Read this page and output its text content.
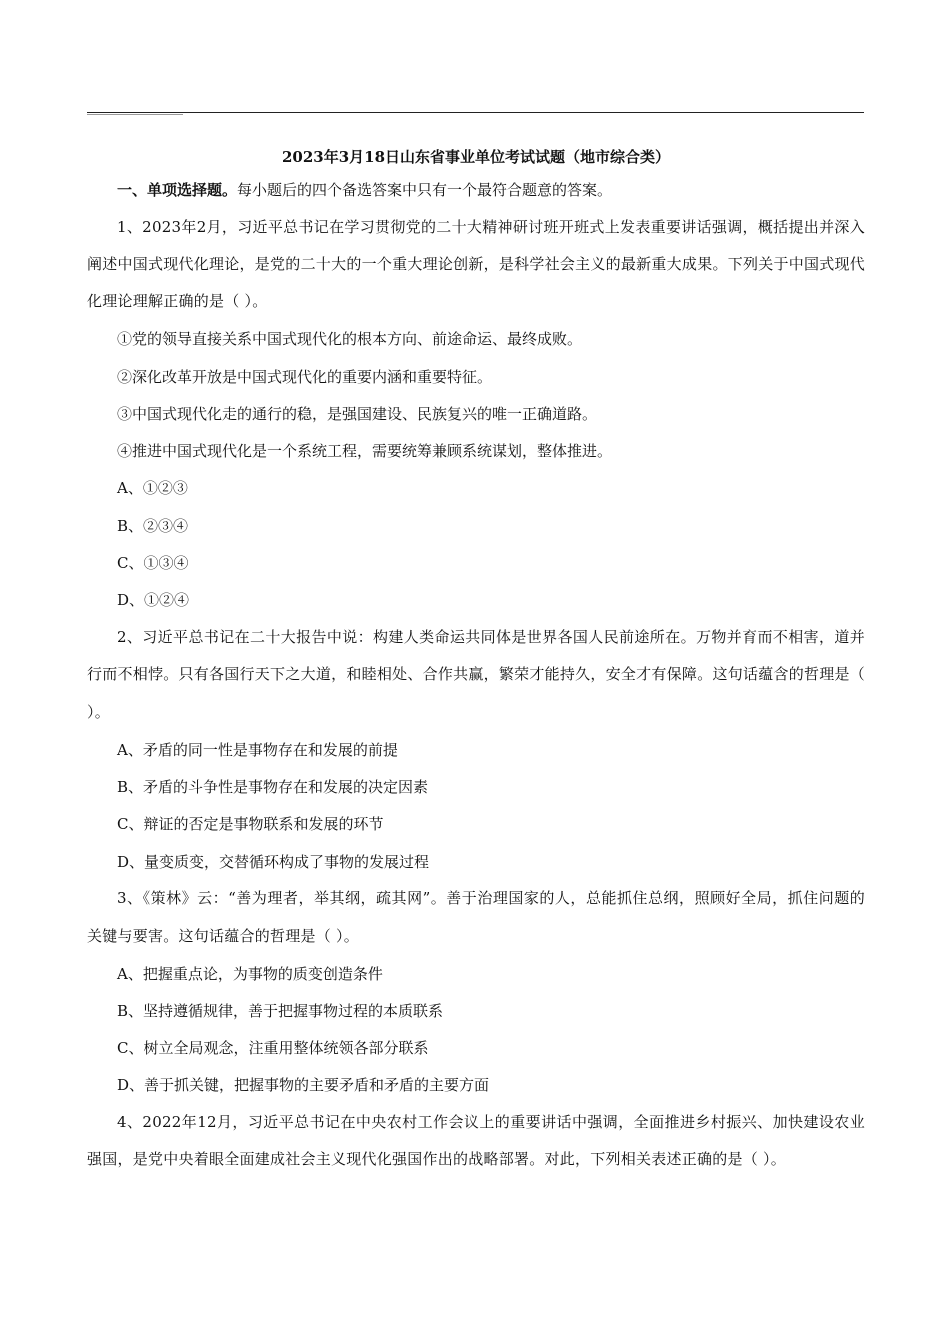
2023年3月18日山东省事业单位考试试题（地市综合类）
一、单项选择题。每小题后的四个备选答案中只有一个最符合题意的答案。
1、2023年2月，习近平总书记在学习贯彻党的二十大精神研讨班开班式上发表重要讲话强调，概括提出并深入阐述中国式现代化理论，是党的二十大的一个重大理论创新，是科学社会主义的最新重大成果。下列关于中国式现代化理论理解正确的是（ ）。
①党的领导直接关系中国式现代化的根本方向、前途命运、最终成败。
②深化改革开放是中国式现代化的重要内涵和重要特征。
③中国式现代化走的通行的稳，是强国建设、民族复兴的唯一正确道路。
④推进中国式现代化是一个系统工程，需要统筹兼顾系统谋划，整体推进。
A、①②③
B、②③④
C、①③④
D、①②④
2、习近平总书记在二十大报告中说：构建人类命运共同体是世界各国人民前途所在。万物并育而不相害，道并行而不相悖。只有各国行天下之大道，和睦相处、合作共赢，繁荣才能持久，安全才有保障。这句话蕴含的哲理是（ ）。
A、矛盾的同一性是事物存在和发展的前提
B、矛盾的斗争性是事物存在和发展的决定因素
C、辩证的否定是事物联系和发展的环节
D、量变质变，交替循环构成了事物的发展过程
3、《策林》云：“善为理者，举其纲，疏其网”。善于治理国家的人，总能抓住总纲，照顾好全局，抓住问题的关键与要害。这句话蕴合的哲理是（ ）。
A、把握重点论，为事物的质变创造条件
B、坚持遵循规律，善于把握事物过程的本质联系
C、树立全局观念，注重用整体统领各部分联系
D、善于抓关键，把握事物的主要矛盾和矛盾的主要方面
4、2022年12月，习近平总书记在中央农村工作会议上的重要讲话中强调，全面推进乡村振兴、加快建设农业强国，是党中央着眼全面建成社会主义现代化强国作出的战略部署。对此，下列相关表述正确的是（ ）。
